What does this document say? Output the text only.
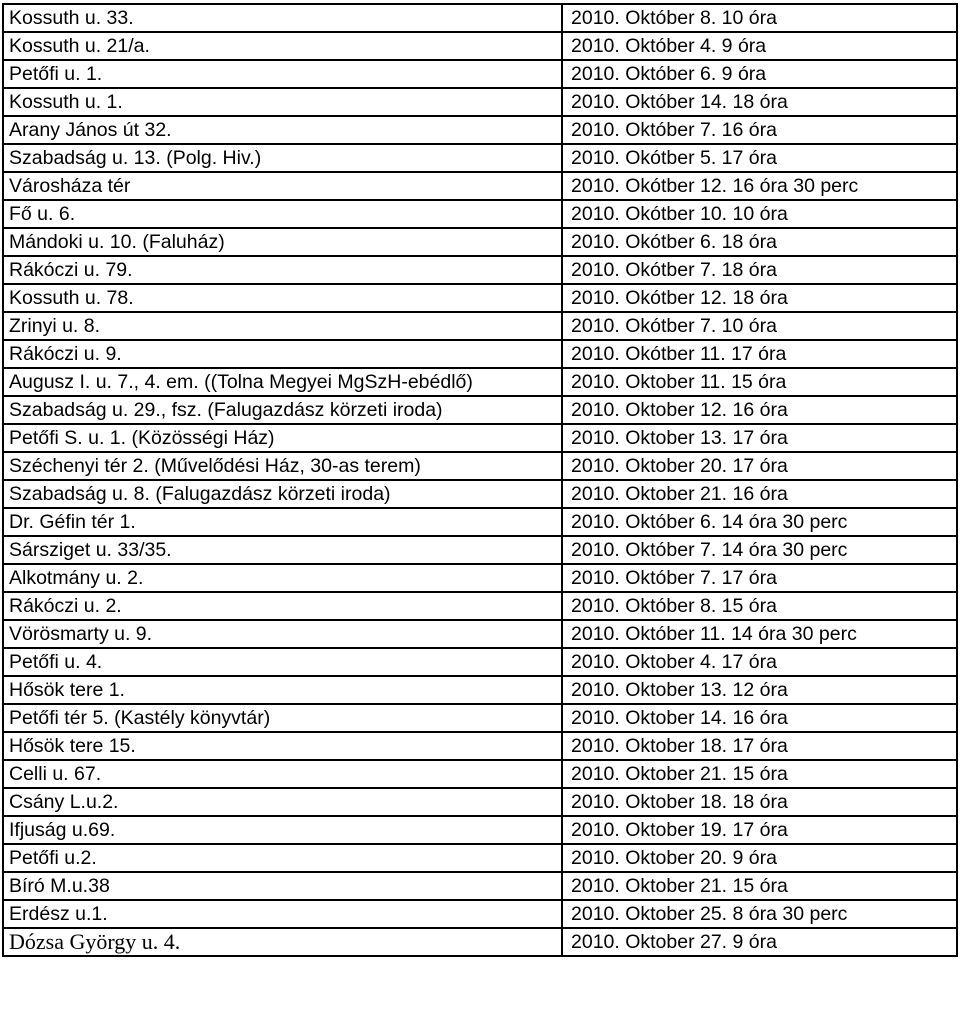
Kossuth u. 33.	2010. Október 8. 10 óra
Kossuth u. 21/a.	2010. Október 4. 9 óra
Petőfi u. 1.	2010. Október 6. 9 óra
Kossuth u. 1.	2010. Október 14. 18 óra
Arany János út 32.	2010. Október 7. 16 óra
Szabadság u. 13. (Polg. Hiv.)	2010. Okótber 5. 17 óra
Városháza tér	2010. Okótber 12. 16 óra 30 perc
Fő u. 6.	2010. Okótber 10. 10 óra
Mándoki u. 10. (Faluház)	2010. Okótber 6. 18 óra
Rákóczi u. 79.	2010. Okótber 7. 18 óra
Kossuth u. 78.	2010. Okótber 12. 18 óra
Zrinyi u. 8.	2010. Okótber 7. 10 óra
Rákóczi u. 9.	2010. Okótber 11. 17 óra
Augusz I. u. 7., 4. em. ((Tolna Megyei MgSzH-ebédlő)	2010. Oktober 11. 15 óra
Szabadság u. 29., fsz. (Falugazdász körzeti iroda)	2010. Oktober 12. 16 óra
Petőfi S. u. 1. (Közösségi Ház)	2010. Oktober 13. 17 óra
Széchenyi tér 2. (Művelődési Ház, 30-as terem)	2010. Oktober 20. 17 óra
Szabadság u. 8. (Falugazdász körzeti iroda)	2010. Oktober 21. 16 óra
Dr. Géfin tér 1.	2010. Október 6. 14 óra 30 perc
Sársziget u. 33/35.	2010. Október 7. 14 óra 30 perc
Alkotmány u. 2.	2010. Október 7. 17 óra
Rákóczi u. 2.	2010. Október 8. 15 óra
Vörösmarty u. 9.	2010. Október 11. 14 óra 30 perc
Petőfi u. 4.	2010. Oktober 4. 17 óra
Hősök tere 1.	2010. Oktober 13. 12 óra
Petőfi tér 5. (Kastély könyvtár)	2010. Oktober 14. 16 óra
Hősök tere 15.	2010. Oktober 18. 17 óra
Celli u. 67.	2010. Oktober 21. 15 óra
Csány L.u.2.	2010. Oktober 18. 18 óra
Ifjuság u.69.	2010. Oktober 19. 17 óra
Petőfi u.2.	2010. Oktober 20. 9 óra
Bíró M.u.38	2010. Oktober 21. 15 óra
Erdész u.1.	2010. Oktober 25. 8 óra 30 perc
Dózsa György u. 4.	2010. Oktober 27. 9 óra
